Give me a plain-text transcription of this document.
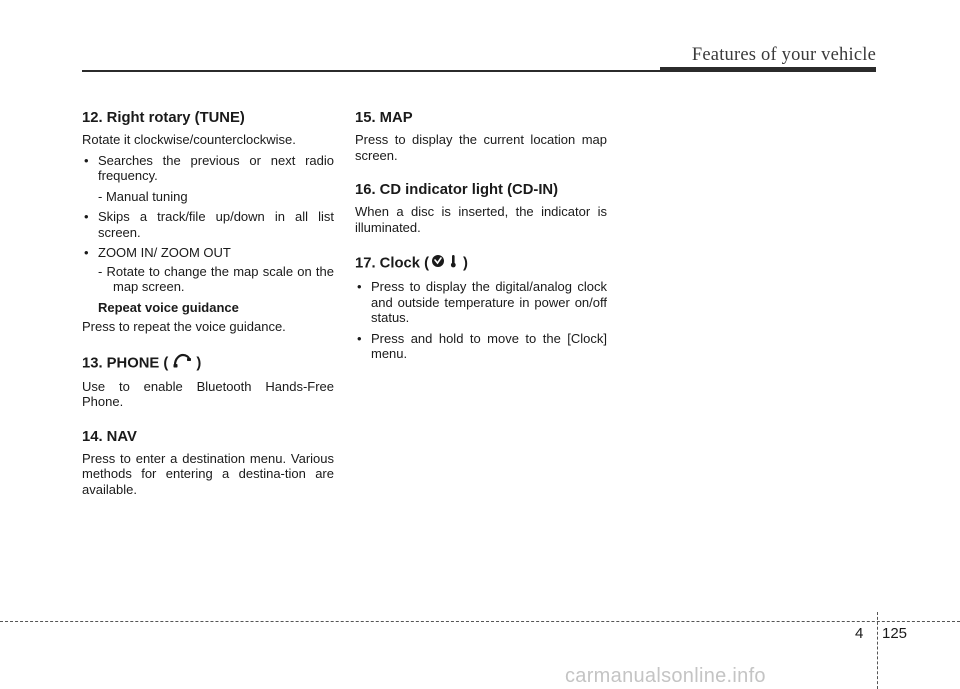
Features of your vehicle
12. Right rotary (TUNE)

Rotate it clockwise/counterclockwise.

• Searches the previous or next radio frequency.
- Manual tuning
• Skips a track/file up/down in all list screen.
• ZOOM IN/ ZOOM OUT
- Rotate to change the map scale on the map screen.
Repeat voice guidance

Press to repeat the voice guidance.

13. PHONE ( )

Use to enable Bluetooth Hands-Free Phone.

14. NAV

Press to enter a destination menu. Various methods for entering a destina-tion are available.

15. MAP

Press to display the current location map screen.

16. CD indicator light (CD-IN)

When a disc is inserted, the indicator is illuminated.

17. Clock ( )
• Press to display the digital/analog clock and outside temperature in power on/off status.
• Press and hold to move to the [Clock] menu.
4 125
carmanualsonline.info
